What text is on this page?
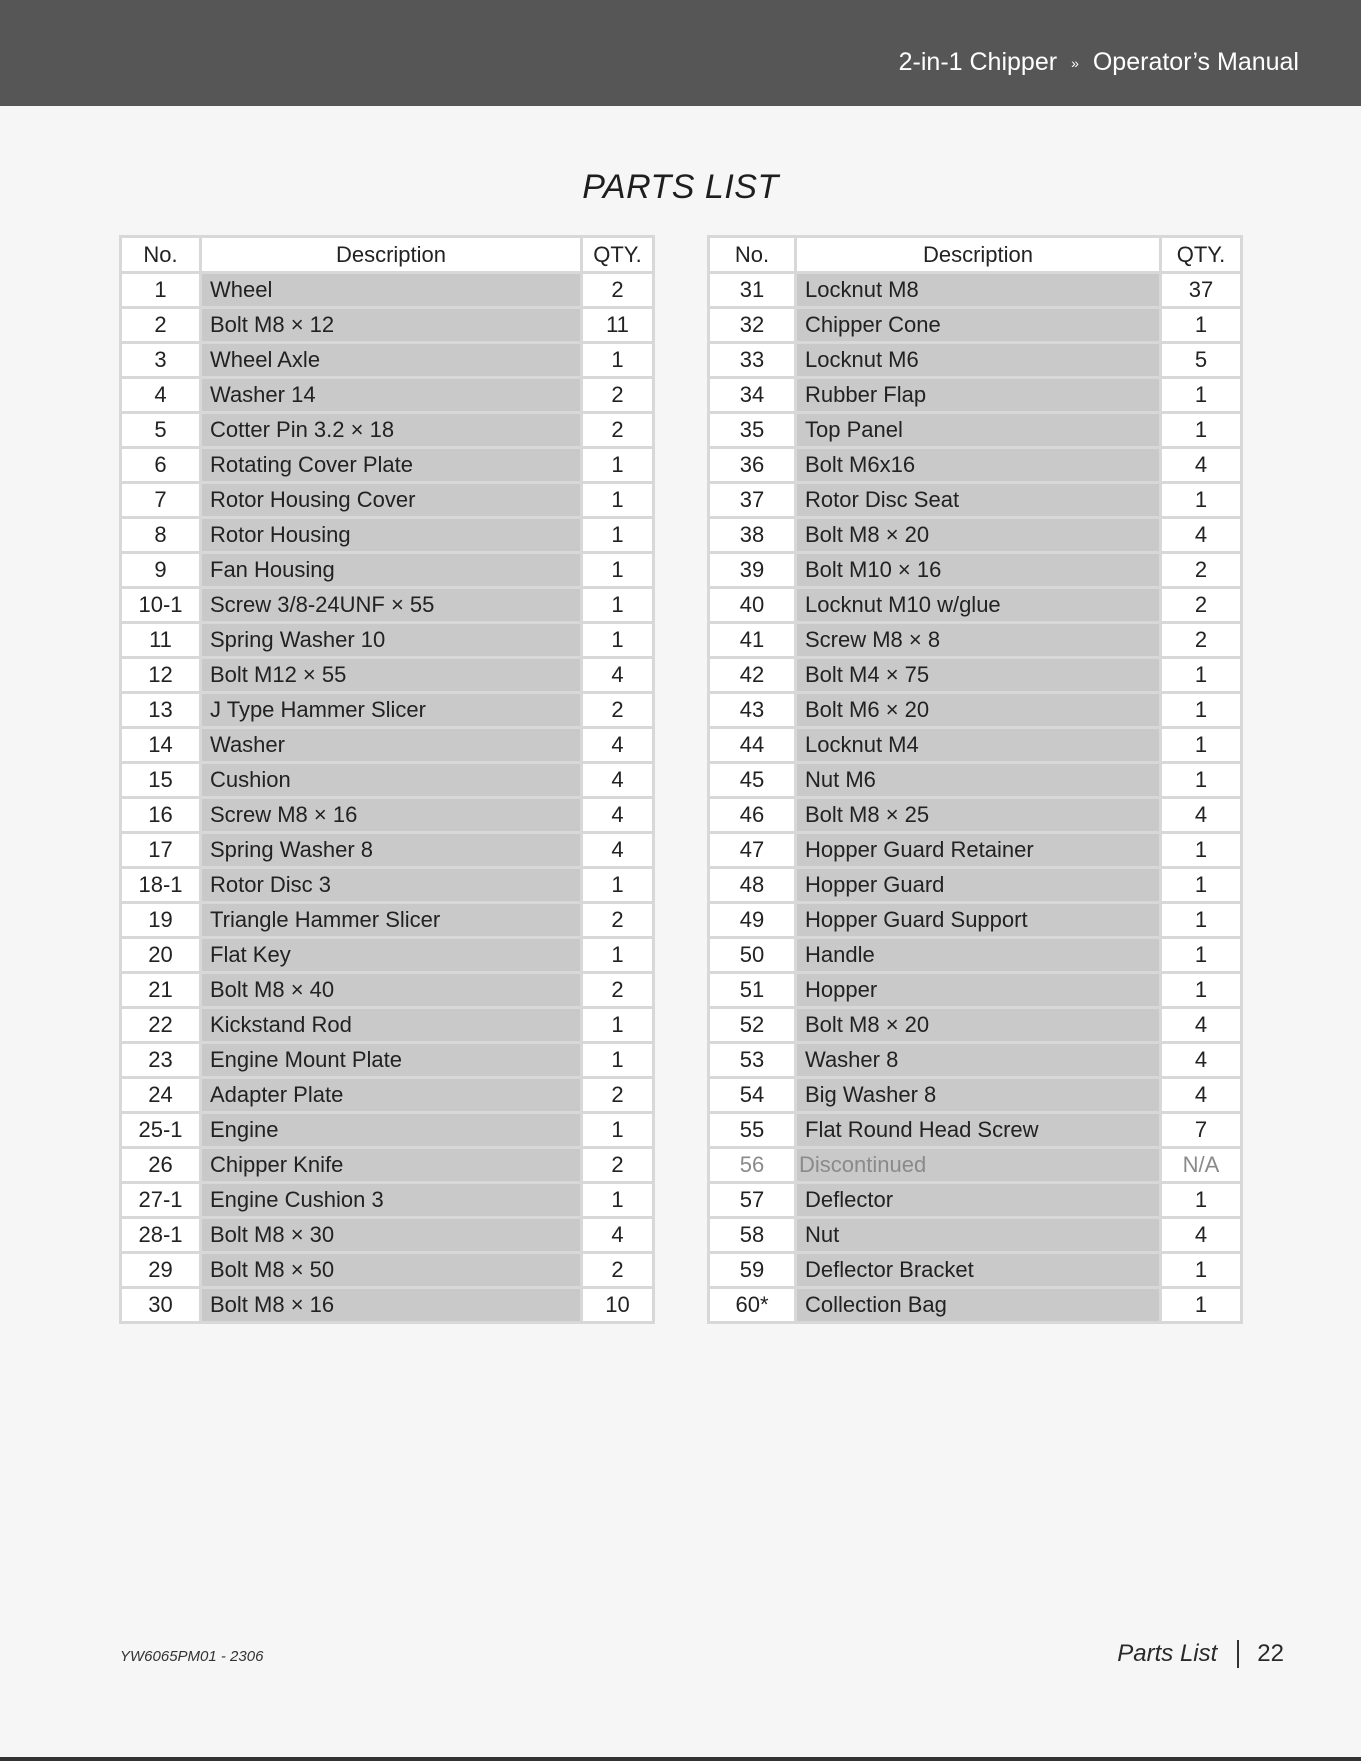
2-in-1 Chipper » Operator’s Manual
PARTS LIST
No.	Description	QTY.
1	Wheel	2
2	Bolt M8 × 12	11
3	Wheel Axle	1
4	Washer 14	2
5	Cotter Pin 3.2 × 18	2
6	Rotating Cover Plate	1
7	Rotor Housing Cover	1
8	Rotor Housing	1
9	Fan Housing	1
10-1	Screw 3/8-24UNF × 55	1
11	Spring Washer 10	1
12	Bolt M12 × 55	4
13	J Type Hammer Slicer	2
14	Washer	4
15	Cushion	4
16	Screw M8 × 16	4
17	Spring Washer 8	4
18-1	Rotor Disc 3	1
19	Triangle Hammer Slicer	2
20	Flat Key	1
21	Bolt M8 × 40	2
22	Kickstand Rod	1
23	Engine Mount Plate	1
24	Adapter Plate	2
25-1	Engine	1
26	Chipper Knife	2
27-1	Engine Cushion 3	1
28-1	Bolt M8 × 30	4
29	Bolt M8 × 50	2
30	Bolt M8 × 16	10
No.	Description	QTY.
31	Locknut M8	37
32	Chipper Cone	1
33	Locknut M6	5
34	Rubber Flap	1
35	Top Panel	1
36	Bolt M6x16	4
37	Rotor Disc Seat	1
38	Bolt M8 × 20	4
39	Bolt M10 × 16	2
40	Locknut M10 w/glue	2
41	Screw M8 × 8	2
42	Bolt M4 × 75	1
43	Bolt M6 × 20	1
44	Locknut M4	1
45	Nut M6	1
46	Bolt M8 × 25	4
47	Hopper Guard Retainer	1
48	Hopper Guard	1
49	Hopper Guard Support	1
50	Handle	1
51	Hopper	1
52	Bolt M8 × 20	4
53	Washer 8	4
54	Big Washer 8	4
55	Flat Round Head Screw	7
56	Discontinued	N/A
57	Deflector	1
58	Nut	4
59	Deflector Bracket	1
60*	Collection Bag	1
YW6065PM01 - 2306	Parts List 22
